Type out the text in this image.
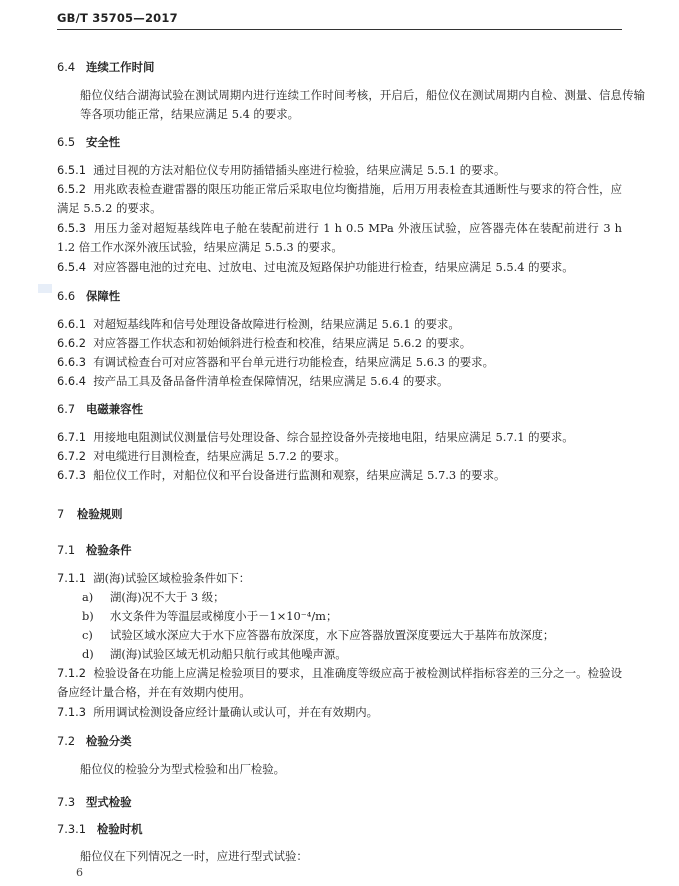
GB/T 35705—2017
6.4 连续工作时间
船位仪结合湖海试验在测试周期内进行连续工作时间考核，开启后，船位仪在测试周期内自检、测量、信息传输等各项功能正常，结果应满足 5.4 的要求。
6.5 安全性
6.5.1 通过目视的方法对船位仪专用防插错插头座进行检验，结果应满足 5.5.1 的要求。
6.5.2 用兆欧表检查避雷器的限压功能正常后采取电位均衡措施，后用万用表检查其通断性与要求的符合性，应满足 5.5.2 的要求。
6.5.3 用压力釜对超短基线阵电子舱在装配前进行 1 h 0.5 MPa 外液压试验，应答器壳体在装配前进行 3 h 1.2 倍工作水深外液压试验，结果应满足 5.5.3 的要求。
6.5.4 对应答器电池的过充电、过放电、过电流及短路保护功能进行检查，结果应满足 5.5.4 的要求。
6.6 保障性
6.6.1 对超短基线阵和信号处理设备故障进行检测，结果应满足 5.6.1 的要求。
6.6.2 对应答器工作状态和初始倾斜进行检查和校准，结果应满足 5.6.2 的要求。
6.6.3 有调试检查台可对应答器和平台单元进行功能检查，结果应满足 5.6.3 的要求。
6.6.4 按产品工具及备品备件清单检查保障情况，结果应满足 5.6.4 的要求。
6.7 电磁兼容性
6.7.1 用接地电阻测试仪测量信号处理设备、综合显控设备外壳接地电阻，结果应满足 5.7.1 的要求。
6.7.2 对电缆进行目测检查，结果应满足 5.7.2 的要求。
6.7.3 船位仪工作时，对船位仪和平台设备进行监测和观察，结果应满足 5.7.3 的要求。
7 检验规则
7.1 检验条件
7.1.1 湖(海)试验区域检验条件如下：
a) 湖(海)况不大于 3 级；
b) 水文条件为等温层或梯度小于－1×10⁻⁴/m；
c) 试验区域水深应大于水下应答器布放深度，水下应答器放置深度要远大于基阵布放深度；
d) 湖(海)试验区域无机动船只航行或其他噪声源。
7.1.2 检验设备在功能上应满足检验项目的要求，且准确度等级应高于被检测试样指标容差的三分之一。检验设备应经计量合格，并在有效期内使用。
7.1.3 所用调试检测设备应经计量确认或认可，并在有效期内。
7.2 检验分类
船位仪的检验分为型式检验和出厂检验。
7.3 型式检验
7.3.1 检验时机
船位仪在下列情况之一时，应进行型式试验：
6
